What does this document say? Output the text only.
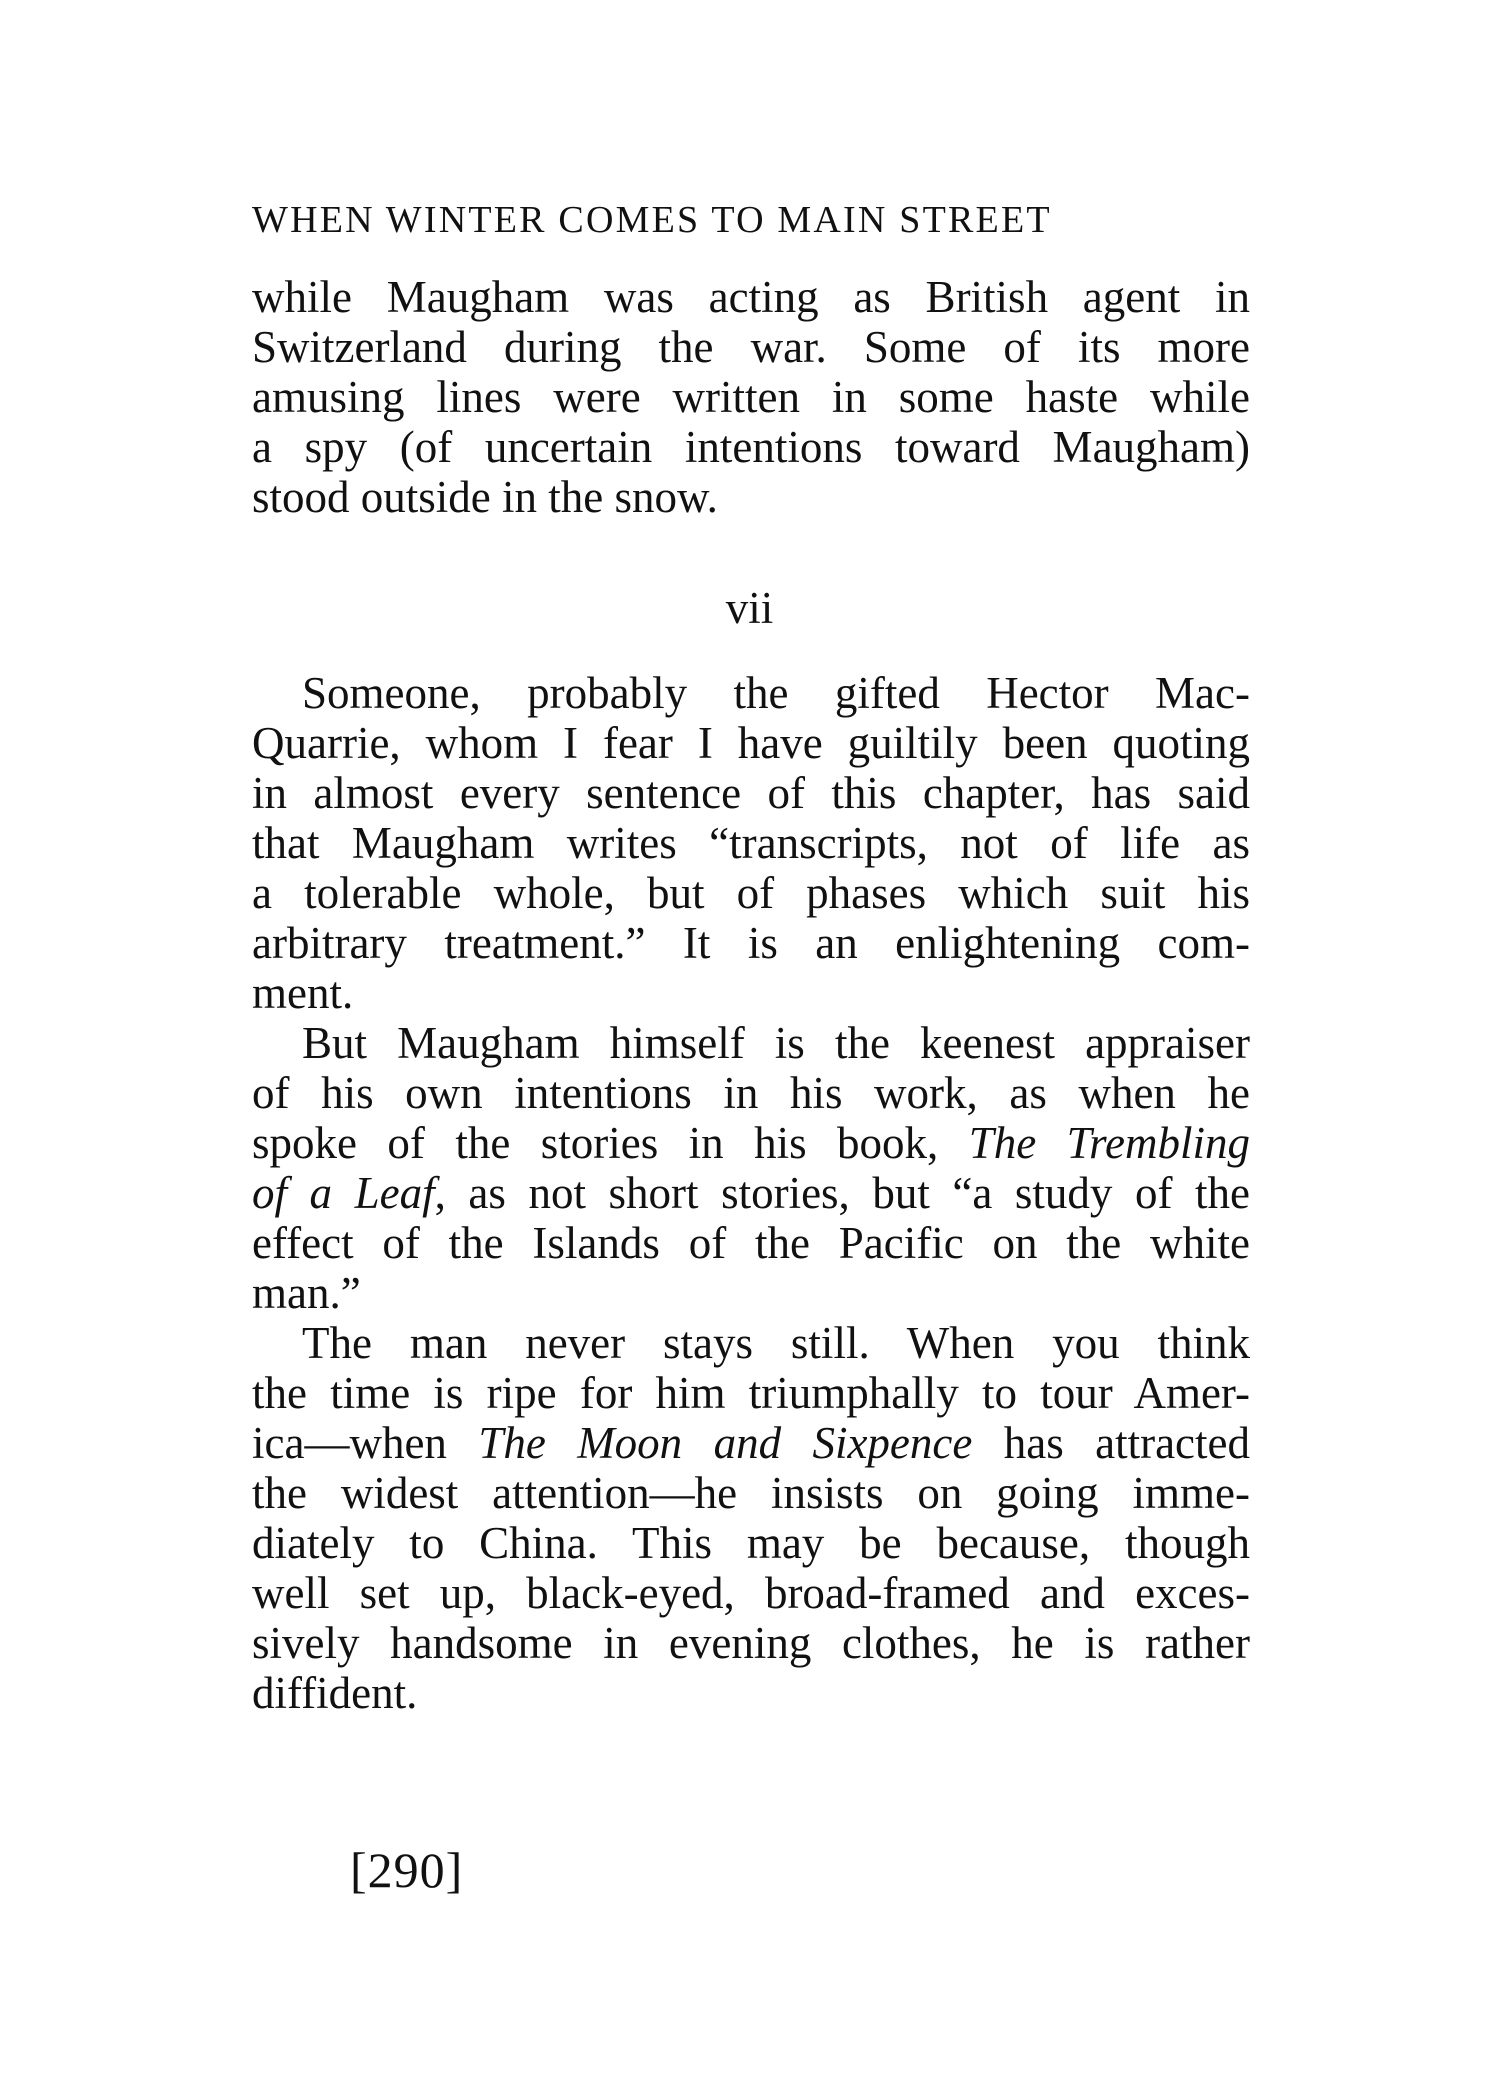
WHEN WINTER COMES TO MAIN STREET

while Maugham was acting as British agent in
Switzerland during the war. Some of its more
amusing lines were written in some haste while
a spy (of uncertain intentions toward Maugham)
stood outside in the snow.

vii

Someone, probably the gifted Hector Mac-
Quarrie, whom I fear I have guiltily been quoting
in almost every sentence of this chapter, has said
that Maugham writes “transcripts, not of life as
a tolerable whole, but of phases which suit his
arbitrary treatment.” It is an enlightening com-
ment.

But Maugham himself is the keenest appraiser
of his own intentions in his work, as when he
spoke of the stories in his book, The Trembling
of a Leaf, as not short stories, but “a study of the
effect of the Islands of the Pacific on the white
man.”

The man never stays still. When you think
the time is ripe for him triumphally to tour Amer-
ica—when The Moon and Sixpence has attracted
the widest attention—he insists on going imme-
diately to China. This may be because, though
well set up, black-eyed, broad-framed and exces-
sively handsome in evening clothes, he is rather
diffident.

[290]
